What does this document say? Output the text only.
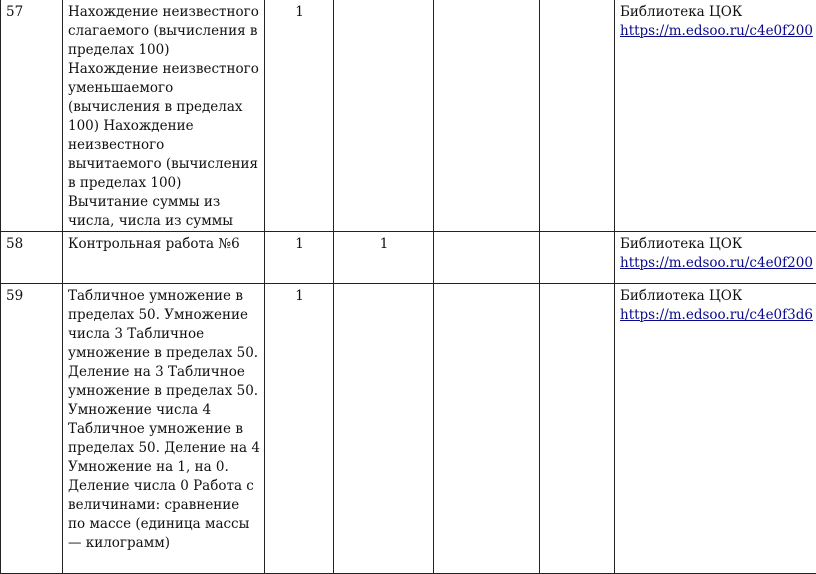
57	Нахождение неизвестного слагаемого (вычисления в пределах 100) Нахождение неизвестного уменьшаемого (вычисления в пределах 100) Нахождение неизвестного вычитаемого (вычисления в пределах 100) Вычитание суммы из числа, числа из суммы	1				Библиотека ЦОК
https://m.edsoo.ru/c4e0f200
58	Контрольная работа №6	1	1			Библиотека ЦОК
https://m.edsoo.ru/c4e0f200
59	Табличное умножение в пределах 50. Умножение числа 3 Табличное умножение в пределах 50. Деление на 3 Табличное умножение в пределах 50. Умножение числа 4 Табличное умножение в пределах 50. Деление на 4 Умножение на 1, на 0. Деление числа 0 Работа с величинами: сравнение по массе (единица массы — килограмм)	1				Библиотека ЦОК
https://m.edsoo.ru/c4e0f3d6
